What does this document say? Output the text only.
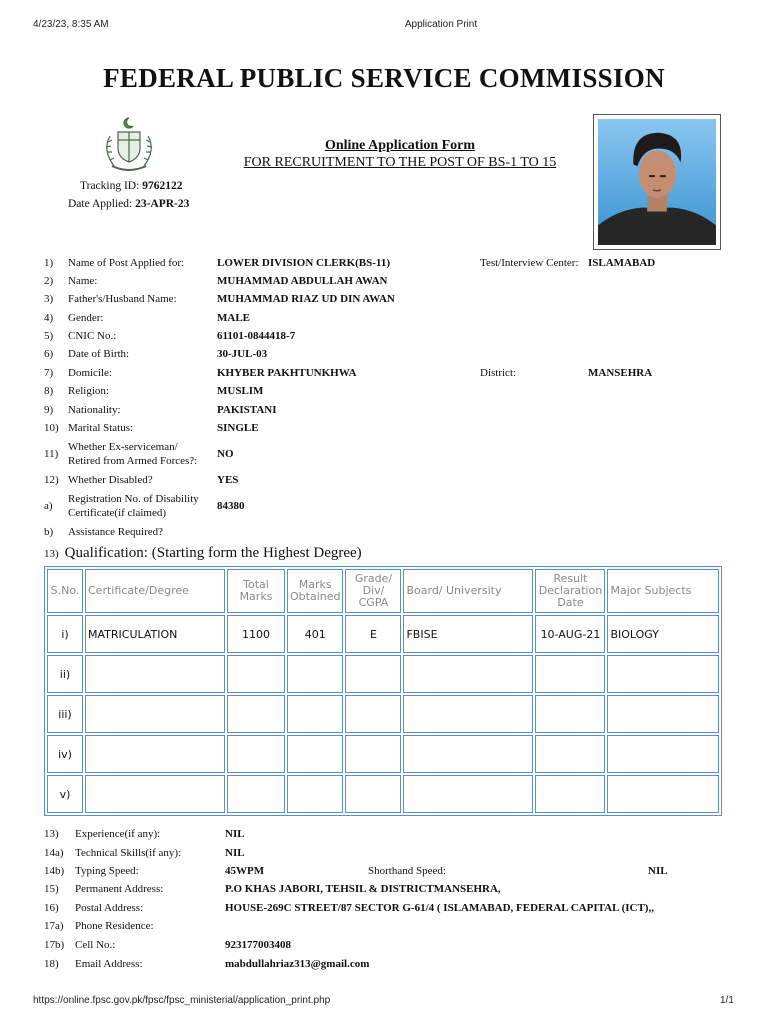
4/23/23, 8:35 AM	Application Print
FEDERAL PUBLIC SERVICE COMMISSION
Tracking ID: 9762122
Date Applied: 23-APR-23
Online Application Form
FOR RECRUITMENT TO THE POST OF BS-1 TO 15
1) Name of Post Applied for:	LOWER DIVISION CLERK(BS-11)	Test/Interview Center: ISLAMABAD
2) Name:	MUHAMMAD ABDULLAH AWAN
3) Father's/Husband Name:	MUHAMMAD RIAZ UD DIN AWAN
4) Gender:	MALE
5) CNIC No.:	61101-0844418-7
6) Date of Birth:	30-JUL-03
7) Domicile:	KHYBER PAKHTUNKHWA	District:	MANSEHRA
8) Religion:	MUSLIM
9) Nationality:	PAKISTANI
10) Marital Status:	SINGLE
11)
Whether Ex-serviceman/
Retired from Armed Forces?:
NO
12) Whether Disabled?	YES
a)
Registration No. of Disability
Certificate(if claimed)
84380
b) Assistance Required?
13) Qualification: (Starting form the Highest Degree)
S.No.	Certificate/Degree	Total Marks	Marks Obtained	Grade/ Div/ CGPA	Board/ University	Result Declaration Date	Major Subjects
i)	MATRICULATION	1100	401	E	FBISE	10-AUG-21	BIOLOGY
ii)							
iii)							
iv)							
v)							
13) Experience(if any):	NIL
14a) Technical Skills(if any):	NIL
14b) Typing Speed:	45WPM	Shorthand Speed:	NIL
15) Permanent Address:	P.O KHAS JABORI, TEHSIL & DISTRICTMANSEHRA,
16) Postal Address:	HOUSE-269C STREET/87 SECTOR G-61/4 ( ISLAMABAD, FEDERAL CAPITAL (ICT),,
17a) Phone Residence:
17b) Cell No.:	923177003408
18) Email Address:	mabdullahriaz313@gmail.com
https://online.fpsc.gov.pk/fpsc/fpsc_ministerial/application_print.php	1/1
